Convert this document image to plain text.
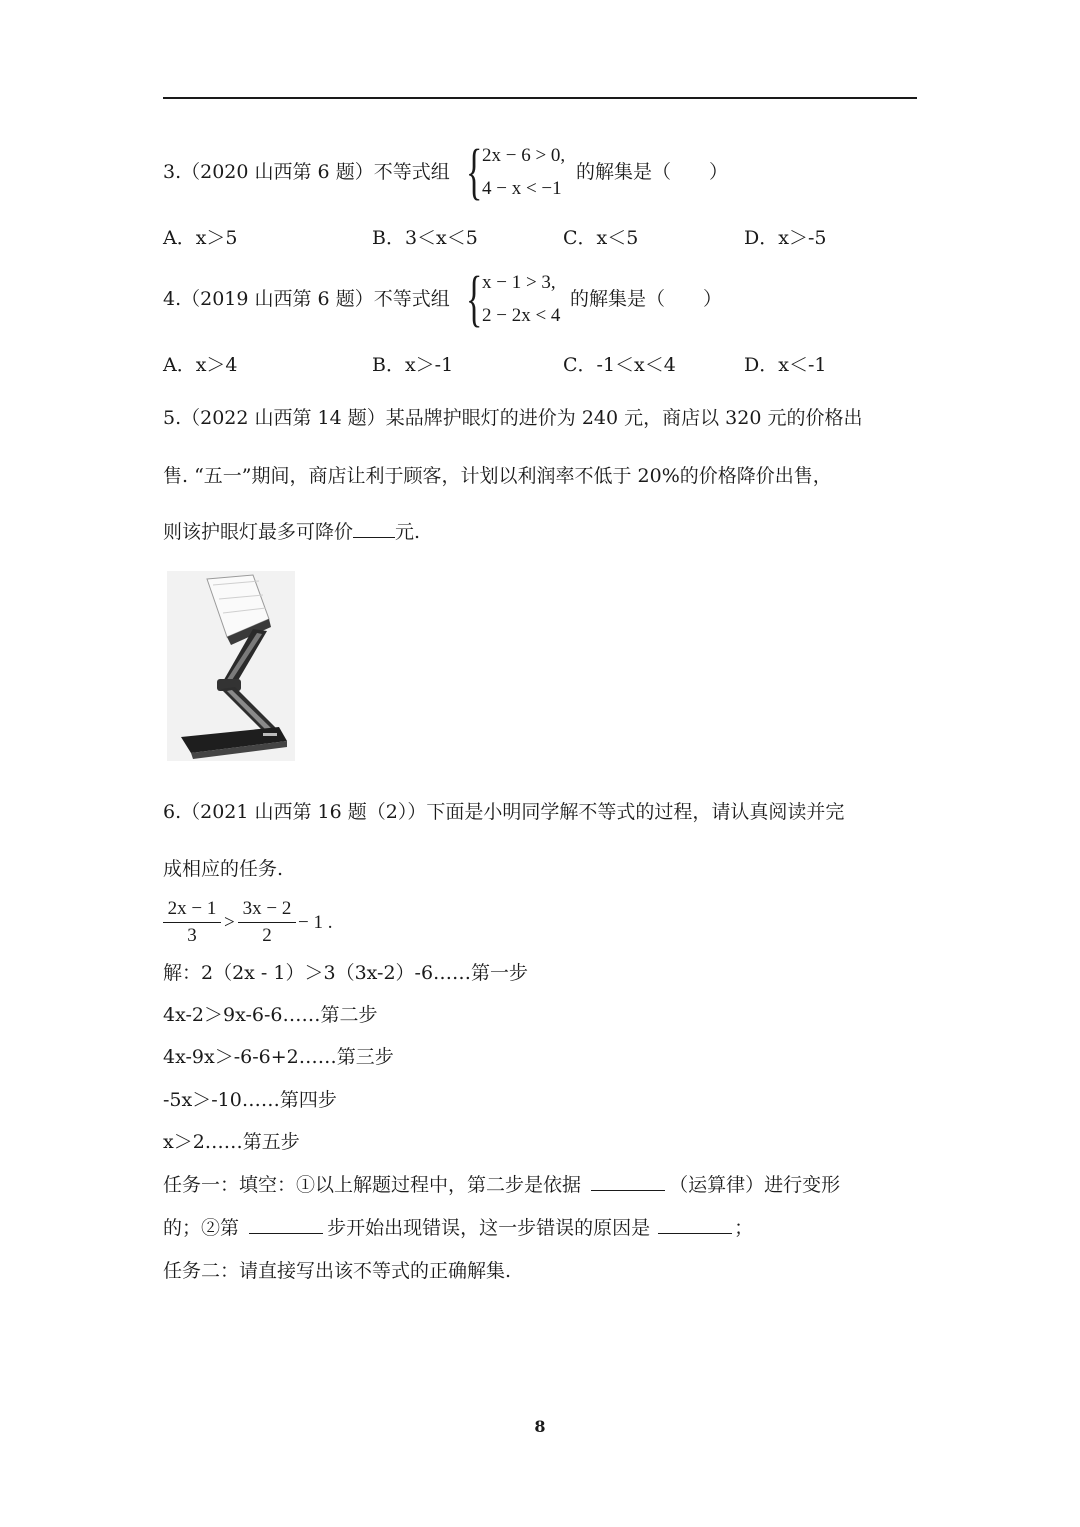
3.（2020 山西第 6 题）不等式组 { 2x − 6 > 0,
4 − x < −1
的解集是（　　）
A．x＞5	B．3＜x＜5	C．x＜5	D．x＞-5
4.（2019 山西第 6 题）不等式组 { x − 1 > 3,
2 − 2x < 4
的解集是（　　）
A．x＞4	B．x＞-1	C．-1＜x＜4	D．x＜-1
5.（2022 山西第 14 题）某品牌护眼灯的进价为 240 元，商店以 320 元的价格出
售. “五一”期间，商店让利于顾客，计划以利润率不低于 20%的价格降价出售，
则该护眼灯最多可降价 元.
6.（2021 山西第 16 题（2））下面是小明同学解不等式的过程，请认真阅读并完
成相应的任务.
2x − 1
3
>
3x − 2
2
− 1 .
解：2（2x - 1）＞3（3x-2）-6……第一步
4x-2＞9x-6-6……第二步
4x-9x＞-6-6+2……第三步
-5x＞-10……第四步
x＞2……第五步
任务一：填空：①以上解题过程中，第二步是依据	（运算律）进行变形
的；②第	步开始出现错误，这一步错误的原因是	；
任务二：请直接写出该不等式的正确解集.
8
